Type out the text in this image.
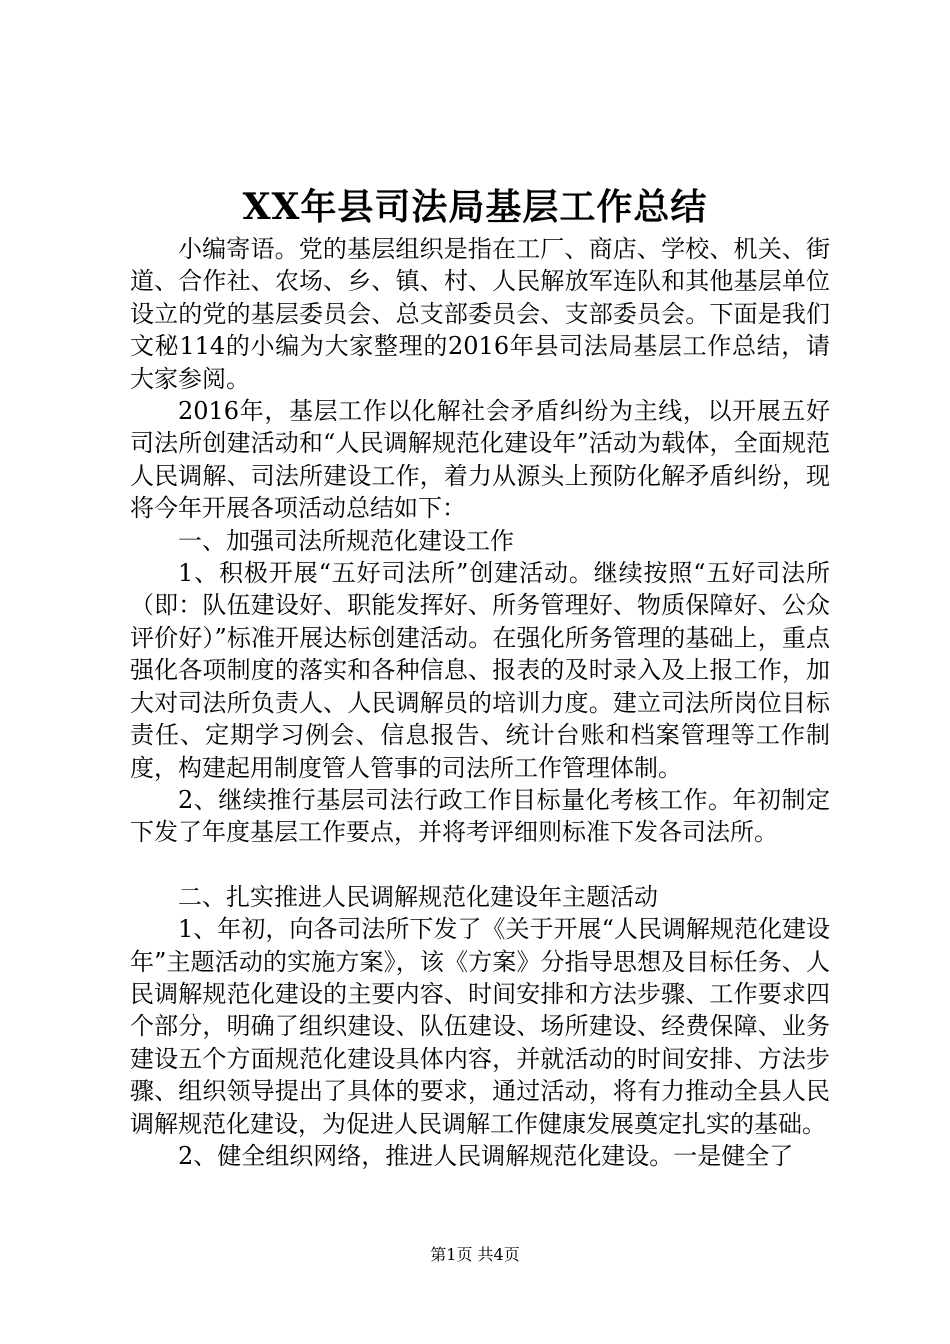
XX年县司法局基层工作总结

小编寄语。党的基层组织是指在工厂、商店、学校、机关、街道、合作社、农场、乡、镇、村、人民解放军连队和其他基层单位设立的党的基层委员会、总支部委员会、支部委员会。下面是我们文秘114的小编为大家整理的2016年县司法局基层工作总结，请大家参阅。

2016年，基层工作以化解社会矛盾纠纷为主线，以开展五好司法所创建活动和“人民调解规范化建设年”活动为载体，全面规范人民调解、司法所建设工作，着力从源头上预防化解矛盾纠纷，现将今年开展各项活动总结如下：

一、加强司法所规范化建设工作

1、积极开展“五好司法所”创建活动。继续按照“五好司法所（即：队伍建设好、职能发挥好、所务管理好、物质保障好、公众评价好）”标准开展达标创建活动。在强化所务管理的基础上，重点强化各项制度的落实和各种信息、报表的及时录入及上报工作，加大对司法所负责人、人民调解员的培训力度。建立司法所岗位目标责任、定期学习例会、信息报告、统计台账和档案管理等工作制度，构建起用制度管人管事的司法所工作管理体制。

2、继续推行基层司法行政工作目标量化考核工作。年初制定下发了年度基层工作要点，并将考评细则标准下发各司法所。

二、扎实推进人民调解规范化建设年主题活动

1、年初，向各司法所下发了《关于开展“人民调解规范化建设年”主题活动的实施方案》，该《方案》分指导思想及目标任务、人民调解规范化建设的主要内容、时间安排和方法步骤、工作要求四个部分，明确了组织建设、队伍建设、场所建设、经费保障、业务建设五个方面规范化建设具体内容，并就活动的时间安排、方法步骤、组织领导提出了具体的要求，通过活动，将有力推动全县人民调解规范化建设，为促进人民调解工作健康发展奠定扎实的基础。

2、健全组织网络，推进人民调解规范化建设。一是健全了

第1页 共4页
